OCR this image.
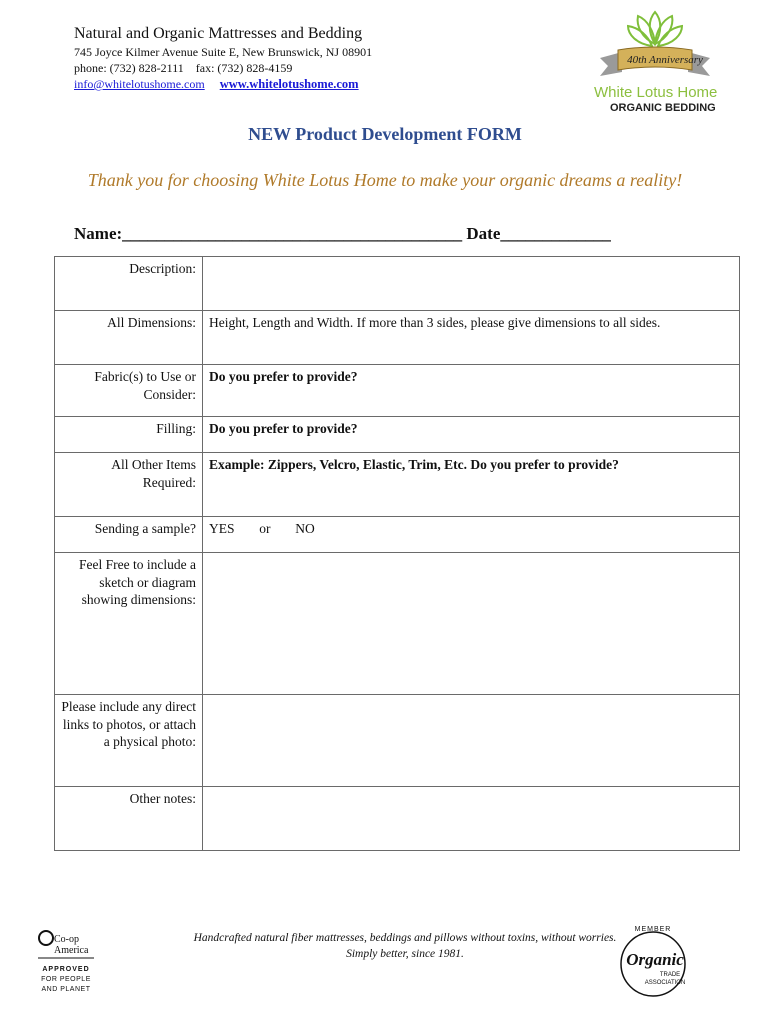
Natural and Organic Mattresses and Bedding
745 Joyce Kilmer Avenue Suite E, New Brunswick, NJ 08901
phone: (732) 828-2111    fax: (732) 828-4159
info@whitelotushome.com www.whitelotushome.com
40th Anniversary
White Lotus Home
ORGANIC BEDDING
NEW Product Development FORM
Thank you for choosing White Lotus Home to make your organic dreams a reality!
Name:________________________________________ Date_____________
Description:	
All Dimensions:	Height, Length and Width. If more than 3 sides, please give dimensions to all sides.
Fabric(s) to Use or Consider:	Do you prefer to provide?
Filling:	Do you prefer to provide?
All Other Items Required:	Example: Zippers, Velcro, Elastic, Trim, Etc. Do you prefer to provide?
Sending a sample?	YES or NO
Feel Free to include a sketch or diagram showing dimensions:	
Please include any direct links to photos, or attach a physical photo:	
Other notes:	
Co-op America
APPROVED
FOR PEOPLE
AND PLANET
Handcrafted natural fiber mattresses, beddings and pillows without toxins, without worries.
Simply better, since 1981.
MEMBER
Organic
TRADE
ASSOCIATION
